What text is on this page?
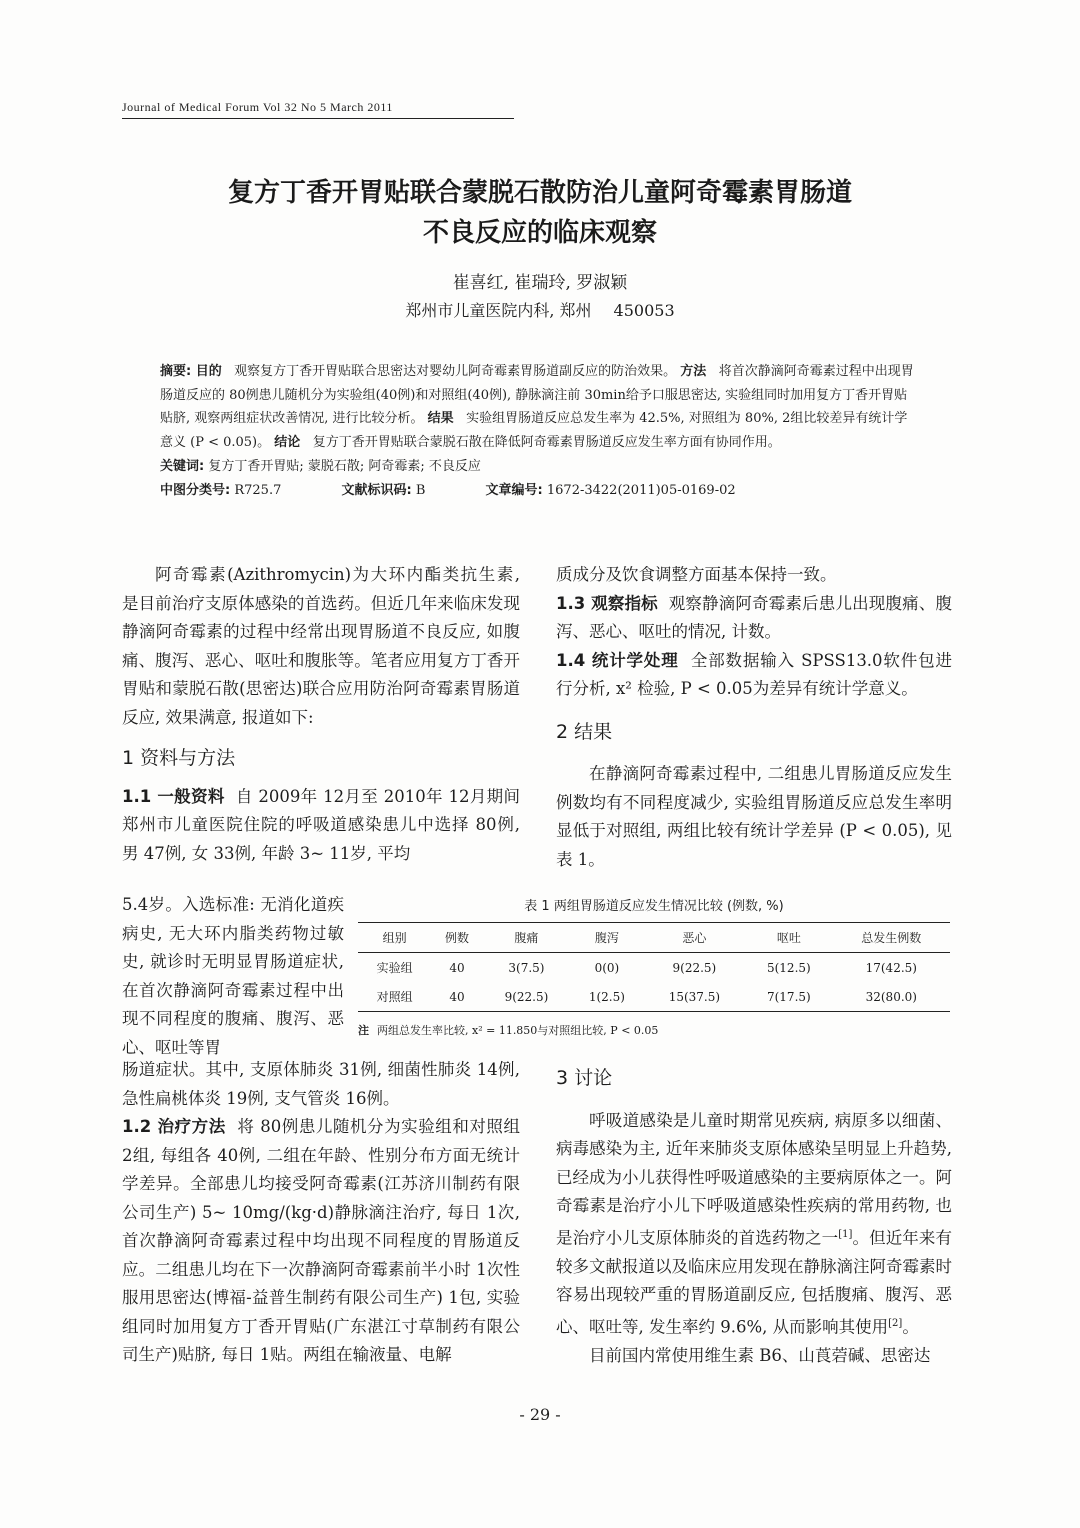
Journal of Medical Forum Vol 32 No 5 March 2011
复方丁香开胃贴联合蒙脱石散防治儿童阿奇霉素胃肠道
不良反应的临床观察
崔喜红, 崔瑞玲, 罗淑颖
郑州市儿童医院内科, 郑州 450053
摘要: 目的 观察复方丁香开胃贴联合思密达对婴幼儿阿奇霉素胃肠道副反应的防治效果。 方法 将首次静滴阿奇霉素过程中出现胃肠道反应的 80例患儿随机分为实验组(40例)和对照组(40例), 静脉滴注前 30min给予口服思密达, 实验组同时加用复方丁香开胃贴贴脐, 观察两组症状改善情况, 进行比较分析。 结果 实验组胃肠道反应总发生率为 42.5%, 对照组为 80%, 2组比较差异有统计学意义 (P < 0.05)。 结论 复方丁香开胃贴联合蒙脱石散在降低阿奇霉素胃肠道反应发生率方面有协同作用。
关键词: 复方丁香开胃贴; 蒙脱石散; 阿奇霉素; 不良反应
中图分类号: R725.7	文献标识码: B	文章编号: 1672-3422(2011)05-0169-02

阿奇霉素(Azithromycin)为大环内酯类抗生素, 是目前治疗支原体感染的首选药。但近几年来临床发现静滴阿奇霉素的过程中经常出现胃肠道不良反应, 如腹痛、腹泻、恶心、呕吐和腹胀等。笔者应用复方丁香开胃贴和蒙脱石散(思密达)联合应用防治阿奇霉素胃肠道反应, 效果满意, 报道如下:

1 资料与方法

1.1 一般资料 自 2009年 12月至 2010年 12月期间郑州市儿童医院住院的呼吸道感染患儿中选择 80例, 男 47例, 女 33例, 年龄 3~ 11岁, 平均

5.4岁。入选标准: 无消化道疾病史, 无大环内脂类药物过敏史, 就诊时无明显胃肠道症状, 在首次静滴阿奇霉素过程中出现不同程度的腹痛、腹泻、恶心、呕吐等胃

肠道症状。其中, 支原体肺炎 31例, 细菌性肺炎 14例, 急性扁桃体炎 19例, 支气管炎 16例。

1.2 治疗方法 将 80例患儿随机分为实验组和对照组 2组, 每组各 40例, 二组在年龄、性别分布方面无统计学差异。全部患儿均接受阿奇霉素(江苏济川制药有限公司生产) 5~ 10mg/(kg·d)静脉滴注治疗, 每日 1次, 首次静滴阿奇霉素过程中均出现不同程度的胃肠道反应。二组患儿均在下一次静滴阿奇霉素前半小时 1次性服用思密达(博福-益普生制药有限公司生产) 1包, 实验组同时加用复方丁香开胃贴(广东湛江寸草制药有限公司生产)贴脐, 每日 1贴。两组在输液量、电解

质成分及饮食调整方面基本保持一致。

1.3 观察指标 观察静滴阿奇霉素后患儿出现腹痛、腹泻、恶心、呕吐的情况, 计数。

1.4 统计学处理 全部数据输入 SPSS13.0软件包进行分析, x² 检验, P < 0.05为差异有统计学意义。

2 结果

在静滴阿奇霉素过程中, 二组患儿胃肠道反应发生例数均有不同程度减少, 实验组胃肠道反应总发生率明显低于对照组, 两组比较有统计学差异 (P < 0.05), 见表 1。

表 1 两组胃肠道反应发生情况比较 (例数, %)
组别	例数	腹痛	腹泻	恶心	呕吐	总发生例数
实验组	40	3(7.5)	0(0)	9(22.5)	5(12.5)	17(42.5)
对照组	40	9(22.5)	1(2.5)	15(37.5)	7(17.5)	32(80.0)
注 两组总发生率比较, x² = 11.850与对照组比较, P < 0.05
3 讨论

呼吸道感染是儿童时期常见疾病, 病原多以细菌、病毒感染为主, 近年来肺炎支原体感染呈明显上升趋势, 已经成为小儿获得性呼吸道感染的主要病原体之一。阿奇霉素是治疗小儿下呼吸道感染性疾病的常用药物, 也是治疗小儿支原体肺炎的首选药物之一[1]。但近年来有较多文献报道以及临床应用发现在静脉滴注阿奇霉素时容易出现较严重的胃肠道副反应, 包括腹痛、腹泻、恶心、呕吐等, 发生率约 9.6%, 从而影响其使用[2]。

目前国内常使用维生素 B6、山莨菪碱、思密达

- 29 -
